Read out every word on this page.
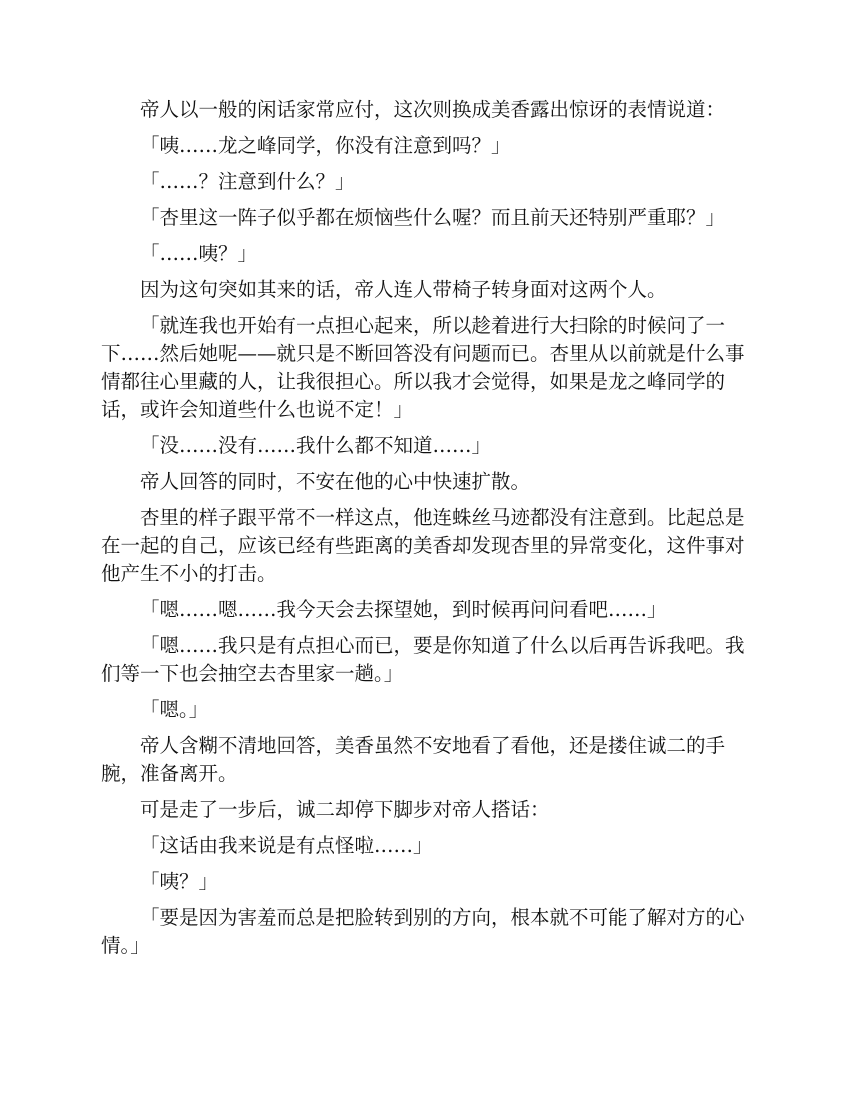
帝人以一般的闲话家常应付，这次则换成美香露出惊讶的表情说道：

「咦……龙之峰同学，你没有注意到吗？」

「……？注意到什么？」

「杏里这一阵子似乎都在烦恼些什么喔？而且前天还特别严重耶？」

「……咦？」

因为这句突如其来的话，帝人连人带椅子转身面对这两个人。

「就连我也开始有一点担心起来，所以趁着进行大扫除的时候问了一下……然后她呢——就只是不断回答没有问题而已。杏里从以前就是什么事情都往心里藏的人，让我很担心。所以我才会觉得，如果是龙之峰同学的话，或许会知道些什么也说不定！」

「没……没有……我什么都不知道……」

帝人回答的同时，不安在他的心中快速扩散。

杏里的样子跟平常不一样这点，他连蛛丝马迹都没有注意到。比起总是在一起的自己，应该已经有些距离的美香却发现杏里的异常变化，这件事对他产生不小的打击。

「嗯……嗯……我今天会去探望她，到时候再问问看吧……」

「嗯……我只是有点担心而已，要是你知道了什么以后再告诉我吧。我们等一下也会抽空去杏里家一趟。」

「嗯。」

帝人含糊不清地回答，美香虽然不安地看了看他，还是搂住诚二的手腕，准备离开。

可是走了一步后，诚二却停下脚步对帝人搭话：

「这话由我来说是有点怪啦……」

「咦？」

「要是因为害羞而总是把脸转到别的方向，根本就不可能了解对方的心情。」
